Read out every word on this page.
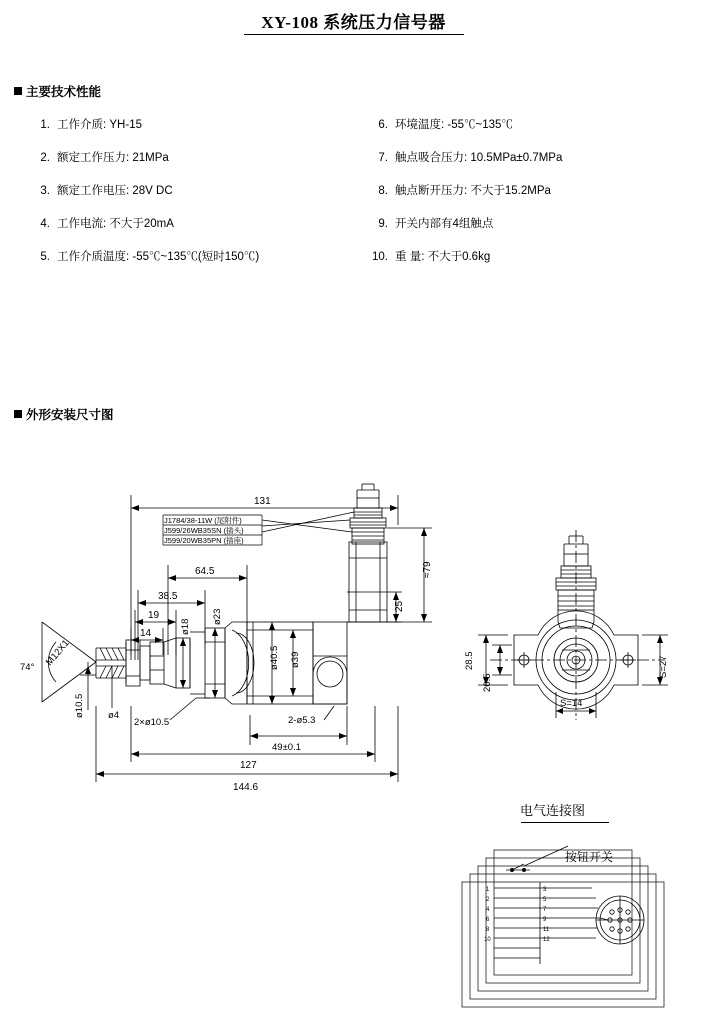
XY-108 系统压力信号器
主要技术性能
1. 工作介质: YH-15
2. 额定工作压力: 21MPa
3. 额定工作电压: 28V DC
4. 工作电流: 不大于20mA
5. 工作介质温度: -55℃~135℃(短时150℃)
6. 环境温度: -55℃~135℃
7. 触点吸合压力: 10.5MPa±0.7MPa
8. 触点断开压力: 不大于15.2MPa
9. 开关内部有4组触点
10. 重 量: 不大于0.6kg
外形安装尺寸图
131
64.5
38.5
19
14	ø18
ø23
ø40.5 ø39
ø10.5 ø4
M12X1
74°
2×ø10.5	2-ø5.3
49±0.1
127
144.6
≈79
25
28.5
20.5
S=27
S=14
J1784/38-11W (尾附件)
J599/26WB35SN (插头)
J599/20WB35PN (插座)
1
2
4
6
8
10
3
5
7
9
11
12
电气连接图
按钮开关
